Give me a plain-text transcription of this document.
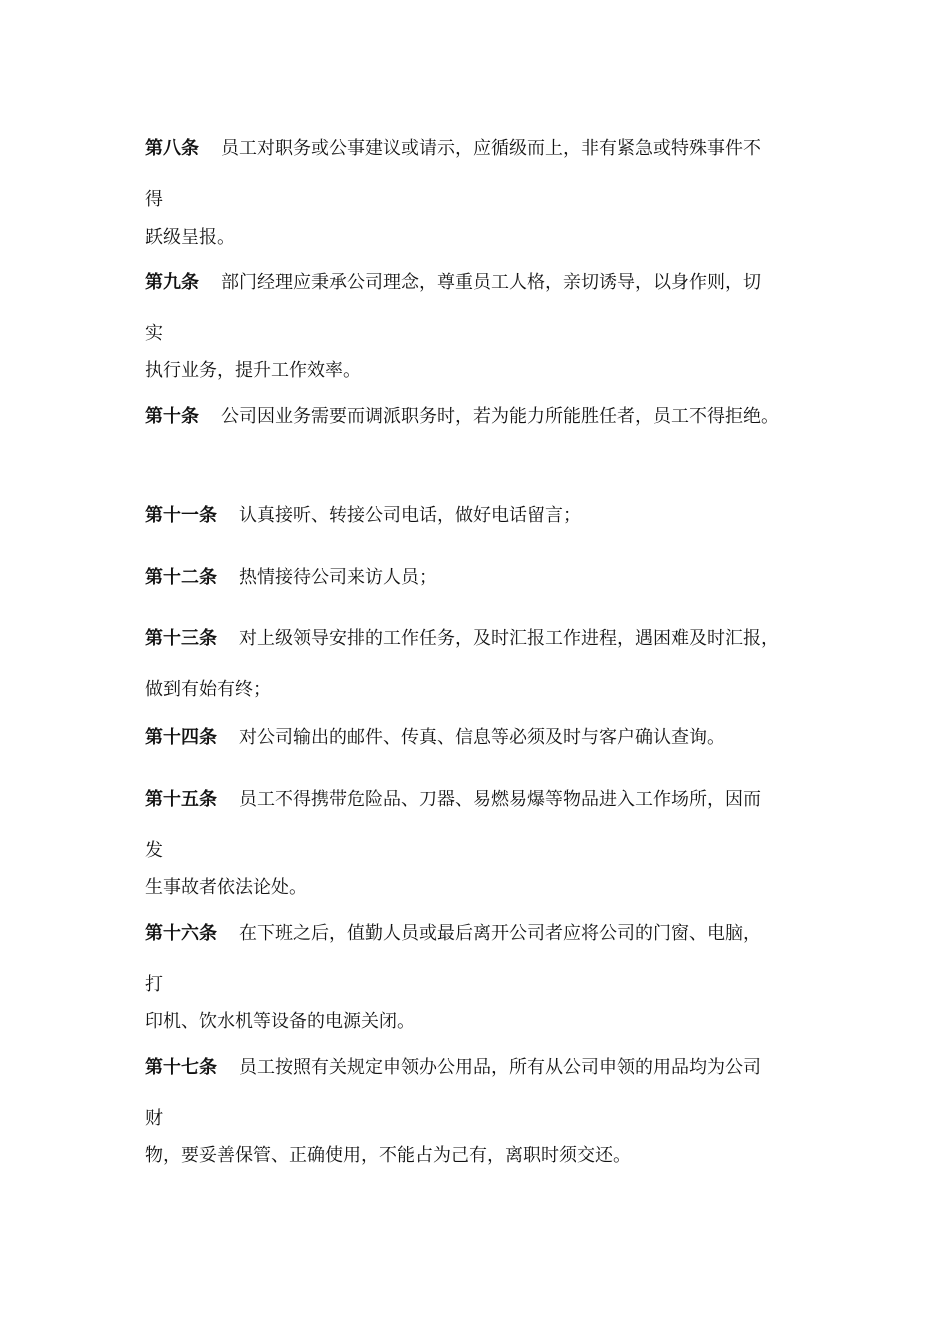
第八条 员工对职务或公事建议或请示，应循级而上，非有紧急或特殊事件不
得
跃级呈报。
第九条 部门经理应秉承公司理念，尊重员工人格，亲切诱导，以身作则，切
实
执行业务，提升工作效率。
第十条 公司因业务需要而调派职务时，若为能力所能胜任者，员工不得拒绝。
第十一条 认真接听、转接公司电话，做好电话留言；
第十二条 热情接待公司来访人员；
第十三条 对上级领导安排的工作任务，及时汇报工作进程，遇困难及时汇报，
做到有始有终；
第十四条 对公司输出的邮件、传真、信息等必须及时与客户确认查询。
第十五条 员工不得携带危险品、刀器、易燃易爆等物品进入工作场所，因而
发
生事故者依法论处。
第十六条 在下班之后，值勤人员或最后离开公司者应将公司的门窗、电脑，
打
印机、饮水机等设备的电源关闭。
第十七条 员工按照有关规定申领办公用品，所有从公司申领的用品均为公司
财
物，要妥善保管、正确使用，不能占为己有，离职时须交还。
